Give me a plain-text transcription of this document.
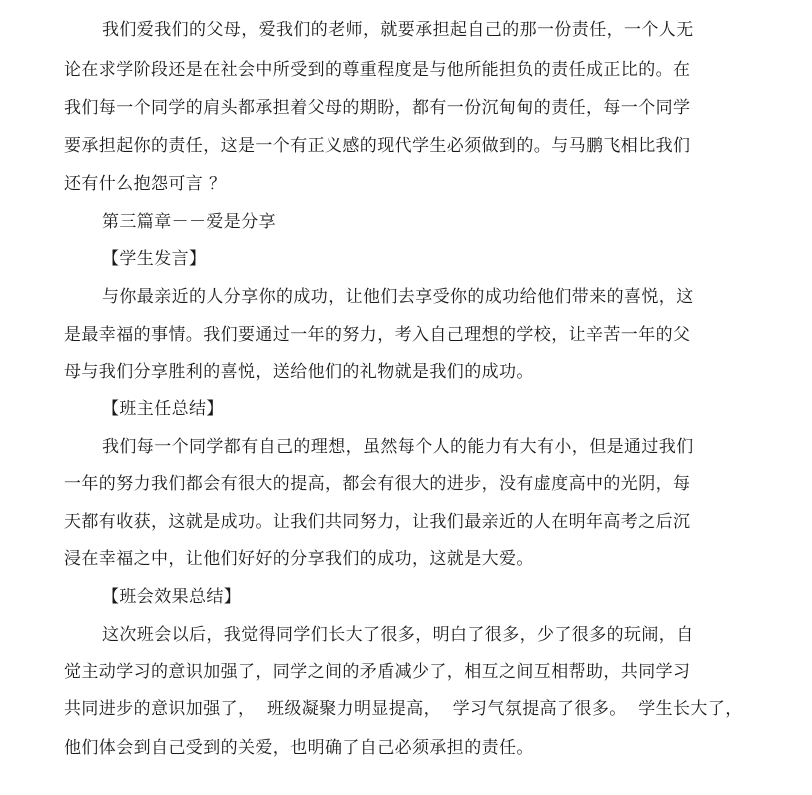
我们爱我们的父母，爱我们的老师，就要承担起自己的那一份责任，一个人无
论在求学阶段还是在社会中所受到的尊重程度是与他所能担负的责任成正比的。在
我们每一个同学的肩头都承担着父母的期盼，都有一份沉甸甸的责任，每一个同学
要承担起你的责任，这是一个有正义感的现代学生必须做到的。与马鹏飞相比我们
还有什么抱怨可言 ？
第三篇章－－爱是分享
【学生发言】
与你最亲近的人分享你的成功，让他们去享受你的成功给他们带来的喜悦，这
是最幸福的事情。我们要通过一年的努力，考入自己理想的学校，让辛苦一年的父
母与我们分享胜利的喜悦，送给他们的礼物就是我们的成功。
【班主任总结】
我们每一个同学都有自己的理想，虽然每个人的能力有大有小，但是通过我们
一年的努力我们都会有很大的提高，都会有很大的进步，没有虚度高中的光阴，每
天都有收获，这就是成功。让我们共同努力，让我们最亲近的人在明年高考之后沉
浸在幸福之中，让他们好好的分享我们的成功，这就是大爱。
【班会效果总结】
这次班会以后，我觉得同学们长大了很多，明白了很多，少了很多的玩闹，自
觉主动学习的意识加强了，同学之间的矛盾减少了，相互之间互相帮助，共同学习
共同进步的意识加强了，  班级凝聚力明显提高，  学习气氛提高了很多。  学生长大了，
他们体会到自己受到的关爱，也明确了自己必须承担的责任。
